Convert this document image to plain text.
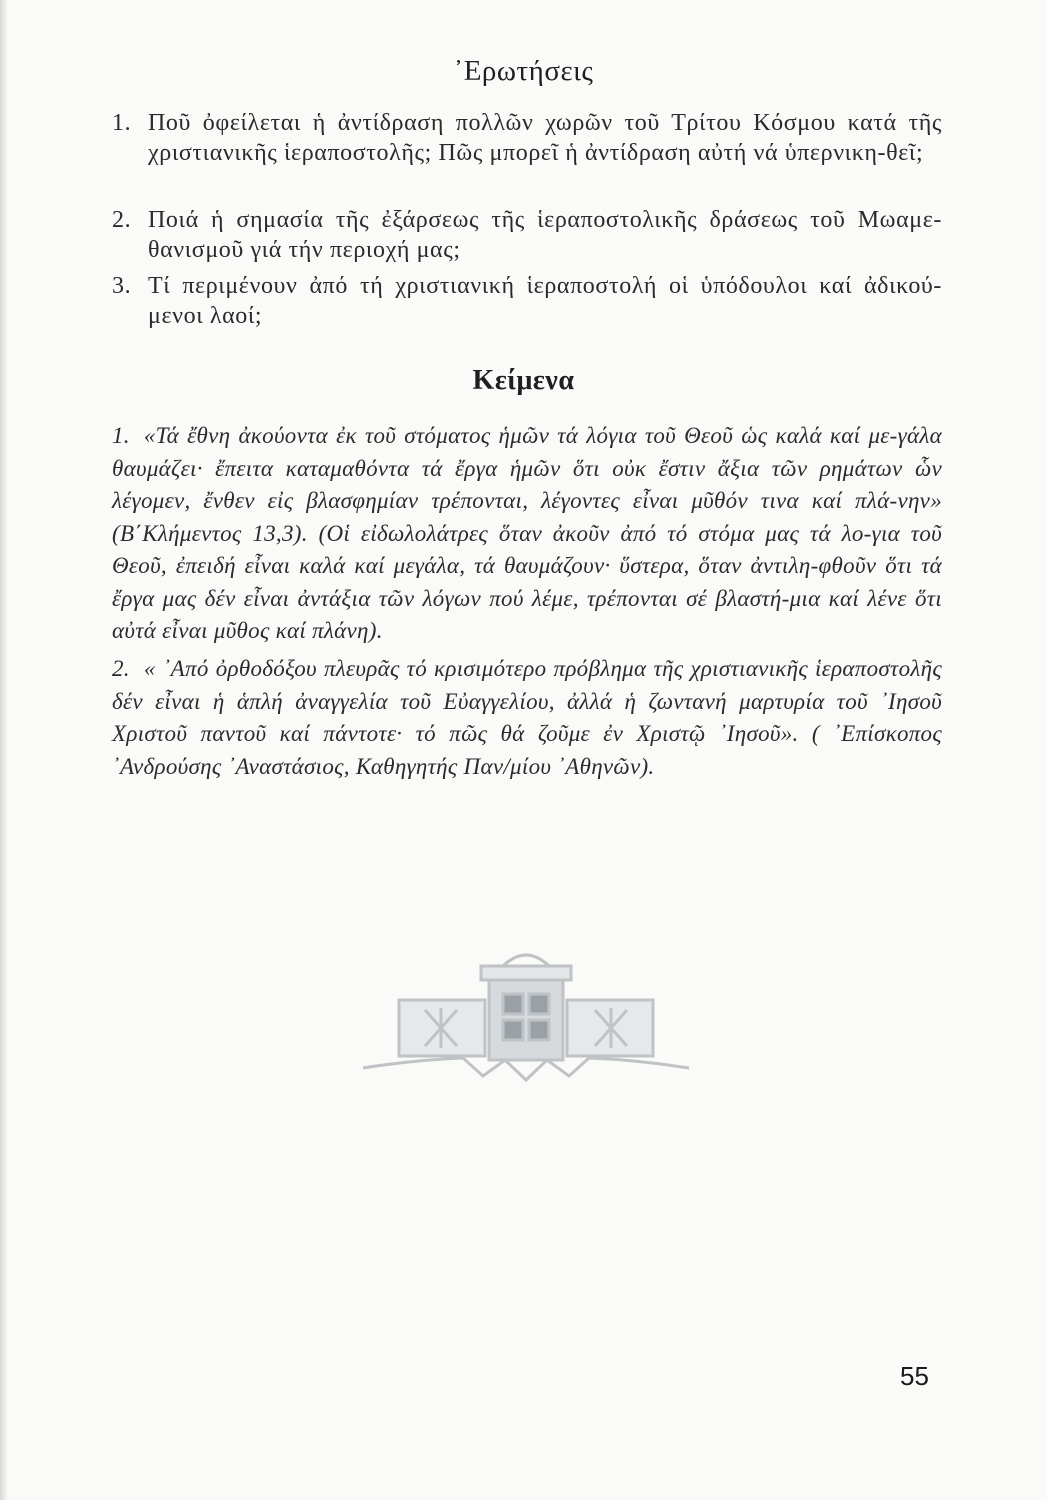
᾿Ερωτήσεις
1. Ποῦ ὀφείλεται ἡ ἀντίδραση πολλῶν χωρῶν τοῦ Τρίτου Κόσμου κατά τῆς χριστιανικῆς ἱεραποστολῆς; Πῶς μπορεῖ ἡ ἀντίδραση αὐτή νά ὑπερνικη-θεῖ;
2. Ποιά ἡ σημασία τῆς ἐξάρσεως τῆς ἱεραποστολικῆς δράσεως τοῦ Μωαμε-θανισμοῦ γιά τήν περιοχή μας;
3. Τί περιμένουν ἀπό τή χριστιανική ἱεραποστολή οἱ ὑπόδουλοι καί ἀδικού-μενοι λαοί;
Κείμενα
1. «Τά ἔθνη ἀκούοντα ἐκ τοῦ στόματος ἡμῶν τά λόγια τοῦ Θεοῦ ὡς καλά καί με-γάλα θαυμάζει· ἔπειτα καταμαθόντα τά ἔργα ἡμῶν ὅτι οὐκ ἔστιν ἄξια τῶν ρημάτων ὧν λέγομεν, ἔνθεν εἰς βλασφημίαν τρέπονται, λέγοντες εἶναι μῦθόν τινα καί πλά-νην» (Β΄Κλήμεντος 13,3). (Οἱ εἰδωλολάτρες ὅταν ἀκοῦν ἀπό τό στόμα μας τά λο-για τοῦ Θεοῦ, ἐπειδή εἶναι καλά καί μεγάλα, τά θαυμάζουν· ὕστερα, ὅταν ἀντιλη-φθοῦν ὅτι τά ἔργα μας δέν εἶναι ἀντάξια τῶν λόγων πού λέμε, τρέπονται σέ βλαστή-μια καί λένε ὅτι αὐτά εἶναι μῦθος καί πλάνη).
2. « ᾿Από ὀρθοδόξου πλευρᾶς τό κρισιμότερο πρόβλημα τῆς χριστιανικῆς ἱεραποστολῆς δέν εἶναι ἡ ἁπλή ἀναγγελία τοῦ Εὐαγγελίου, ἀλλά ἡ ζωντανή μαρτυρία τοῦ ᾿Ιησοῦ Χριστοῦ παντοῦ καί πάντοτε· τό πῶς θά ζοῦμε ἐν Χριστῷ ᾿Ιησοῦ». ( ᾿Επίσκοπος ᾿Ανδρούσης ᾿Αναστάσιος, Καθηγητής Παν/μίου ᾿Αθηνῶν).
55
